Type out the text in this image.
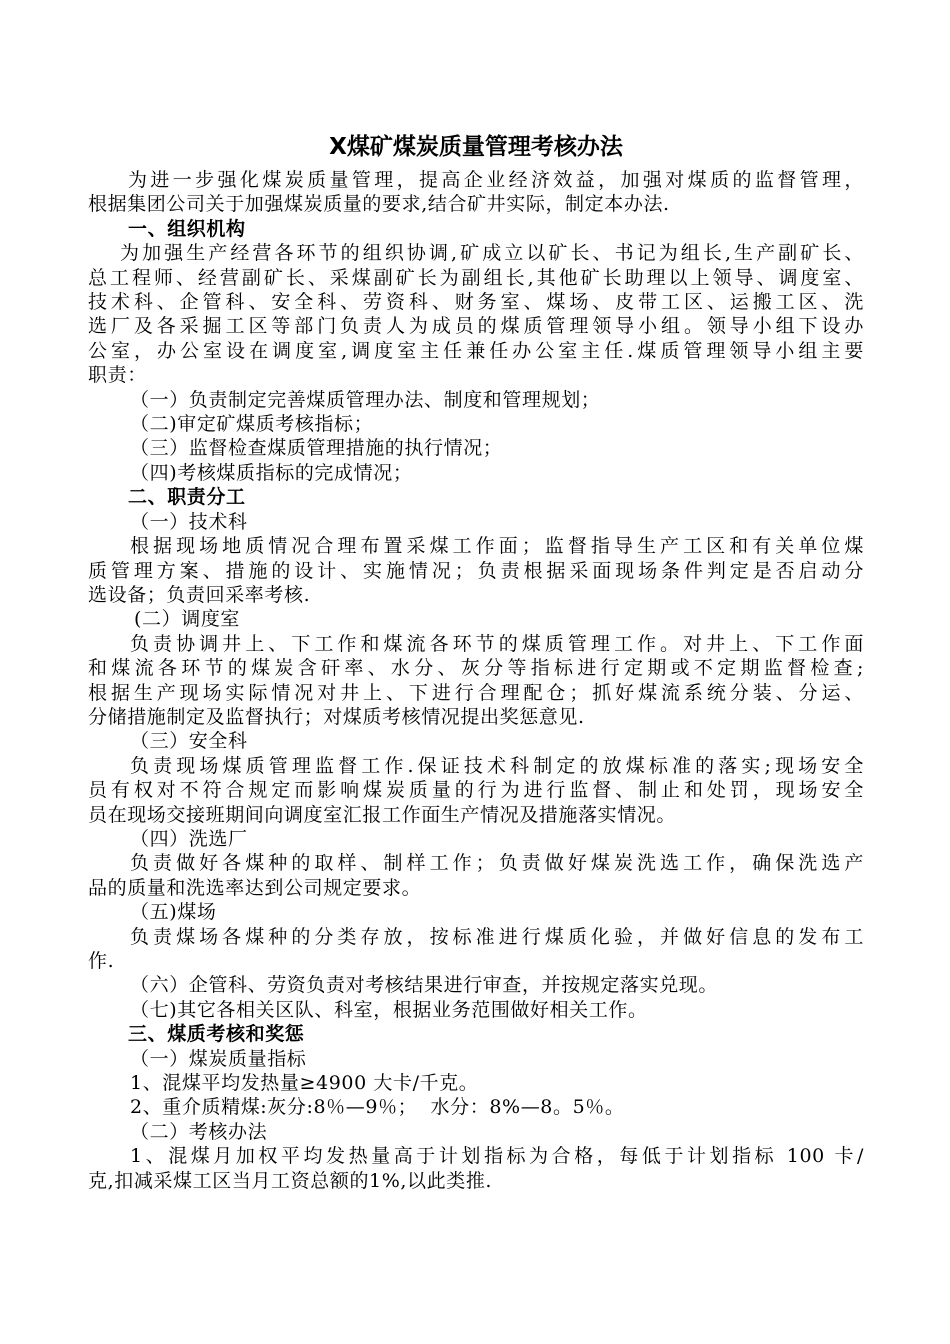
X煤矿煤炭质量管理考核办法
为进一步强化煤炭质量管理，提高企业经济效益，加强对煤质的监督管理，
根据集团公司关于加强煤炭质量的要求,结合矿井实际，制定本办法.
一、组织机构
为加强生产经营各环节的组织协调,矿成立以矿长、书记为组长,生产副矿长、
总工程师、经营副矿长、采煤副矿长为副组长,其他矿长助理以上领导、调度室、
技术科、企管科、安全科、劳资科、财务室、煤场、皮带工区、运搬工区、洗
选厂及各采掘工区等部门负责人为成员的煤质管理领导小组。领导小组下设办
公室，办公室设在调度室,调度室主任兼任办公室主任.煤质管理领导小组主要
职责：
（一）负责制定完善煤质管理办法、制度和管理规划；
（二)审定矿煤质考核指标；
（三）监督检查煤质管理措施的执行情况；
（四)考核煤质指标的完成情况；
二、职责分工
（一）技术科
根据现场地质情况合理布置采煤工作面；监督指导生产工区和有关单位煤
质管理方案、措施的设计、实施情况；负责根据采面现场条件判定是否启动分
选设备；负责回采率考核.
(二）调度室
负责协调井上、下工作和煤流各环节的煤质管理工作。对井上、下工作面
和煤流各环节的煤炭含矸率、水分、灰分等指标进行定期或不定期监督检查;
根据生产现场实际情况对井上、下进行合理配仓；抓好煤流系统分装、分运、
分储措施制定及监督执行；对煤质考核情况提出奖惩意见.
（三）安全科
负责现场煤质管理监督工作.保证技术科制定的放煤标准的落实;现场安全
员有权对不符合规定而影响煤炭质量的行为进行监督、制止和处罚，现场安全
员在现场交接班期间向调度室汇报工作面生产情况及措施落实情况。
（四）洗选厂
负责做好各煤种的取样、制样工作；负责做好煤炭洗选工作，确保洗选产
品的质量和洗选率达到公司规定要求。
（五)煤场
负责煤场各煤种的分类存放，按标准进行煤质化验，并做好信息的发布工
作.
（六）企管科、劳资负责对考核结果进行审查，并按规定落实兑现。
（七)其它各相关区队、科室，根据业务范围做好相关工作。
三、煤质考核和奖惩
（一）煤炭质量指标
1、混煤平均发热量≥4900 大卡/千克。
2、重介质精煤:灰分:8％—9％；  水分：8%—8。5％。
（二）考核办法
1、混煤月加权平均发热量高于计划指标为合格，每低于计划指标 100 卡/
克,扣减采煤工区当月工资总额的1%,以此类推.
